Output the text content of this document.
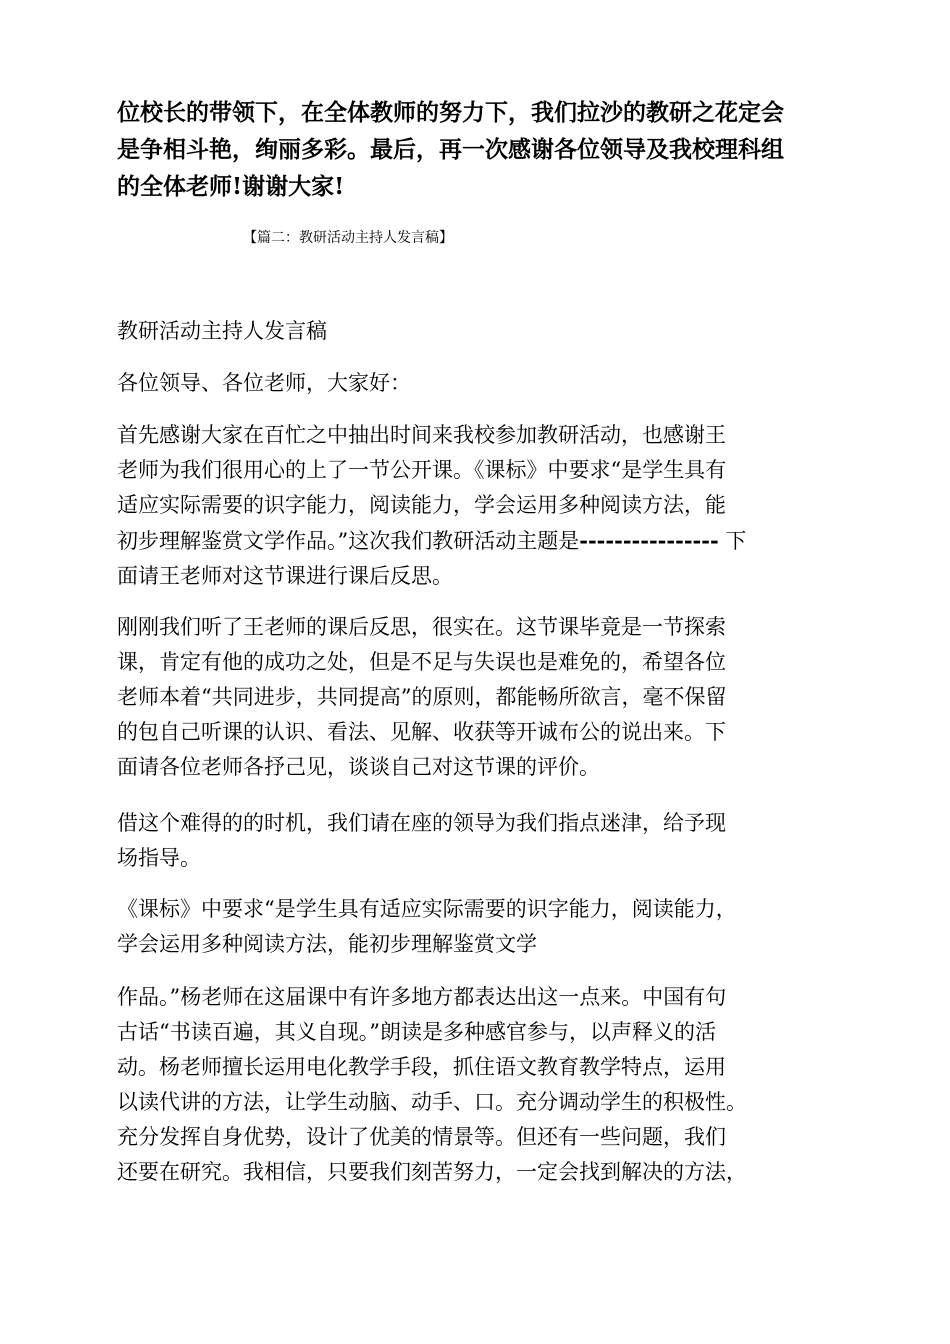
位校长的带领下，在全体教师的努力下，我们拉沙的教研之花定会
是争相斗艳，绚丽多彩。最后，再一次感谢各位领导及我校理科组
的全体老师!谢谢大家!
【篇二：教研活动主持人发言稿】
教研活动主持人发言稿
各位领导、各位老师，大家好：
首先感谢大家在百忙之中抽出时间来我校参加教研活动，也感谢王
老师为我们很用心的上了一节公开课。《课标》中要求“是学生具有
适应实际需要的识字能力，阅读能力，学会运用多种阅读方法，能
初步理解鉴赏文学作品。”这次我们教研活动主题是---------------- 下
面请王老师对这节课进行课后反思。
刚刚我们听了王老师的课后反思，很实在。这节课毕竟是一节探索
课，肯定有他的成功之处，但是不足与失误也是难免的，希望各位
老师本着“共同进步，共同提高”的原则，都能畅所欲言，毫不保留
的包自己听课的认识、看法、见解、收获等开诚布公的说出来。下
面请各位老师各抒己见，谈谈自己对这节课的评价。
借这个难得的的时机，我们请在座的领导为我们指点迷津，给予现
场指导。
《课标》中要求“是学生具有适应实际需要的识字能力，阅读能力，
学会运用多种阅读方法，能初步理解鉴赏文学
作品。”杨老师在这届课中有许多地方都表达出这一点来。中国有句
古话“书读百遍，其义自现。”朗读是多种感官参与，以声释义的活
动。杨老师擅长运用电化教学手段，抓住语文教育教学特点，运用
以读代讲的方法，让学生动脑、动手、口。充分调动学生的积极性。
充分发挥自身优势，设计了优美的情景等。但还有一些问题，我们
还要在研究。我相信，只要我们刻苦努力，一定会找到解决的方法，
